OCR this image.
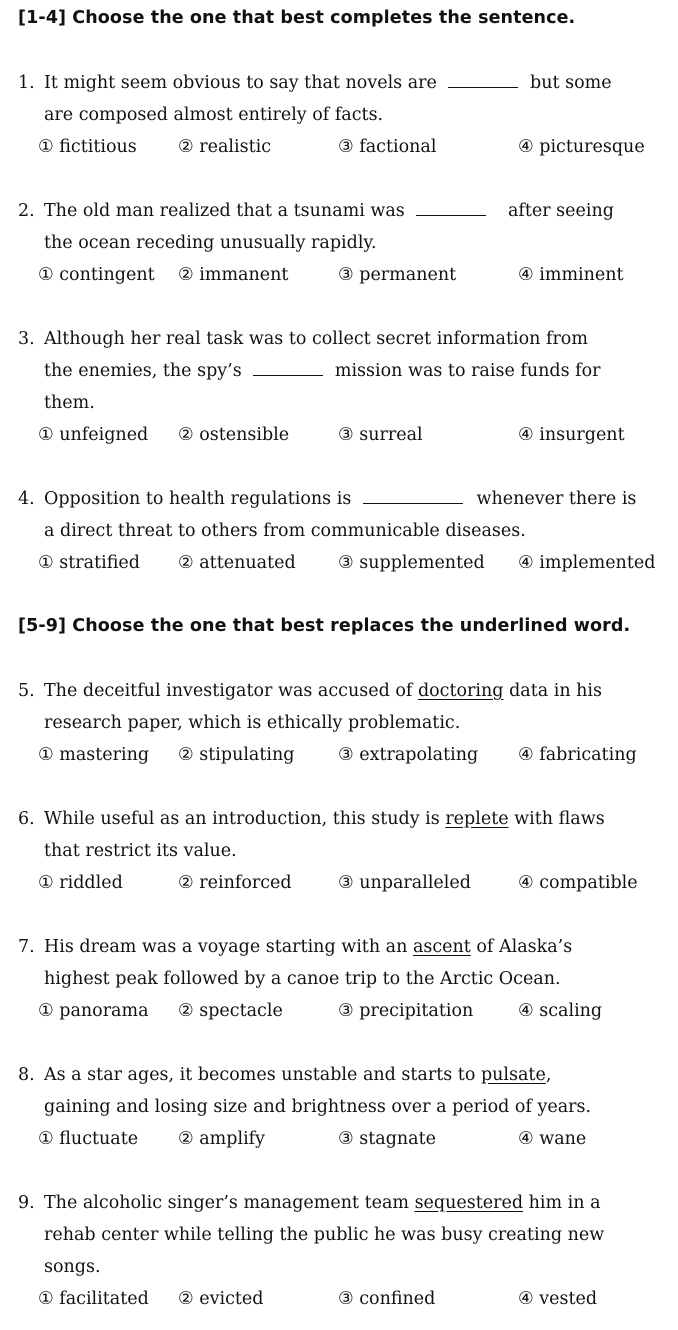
[1-4] Choose the one that best completes the sentence.
1. It might seem obvious to say that novels are	but some
are composed almost entirely of facts.
① fictitious ② realistic	③ factional	④ picturesque
2. The old man realized that a tsunami was	after seeing
the ocean receding unusually rapidly.
① contingent ② immanent	③ permanent	④ imminent
3. Although her real task was to collect secret information from
the enemies, the spy’s	mission was to raise funds for
them.
① unfeigned ② ostensible	③ surreal	④ insurgent
4. Opposition to health regulations is	whenever there is
a direct threat to others from communicable diseases.
① stratified ② attenuated ③ supplemented ④ implemented
[5-9] Choose the one that best replaces the underlined word.
5. The deceitful investigator was accused of doctoring data in his
research paper, which is ethically problematic.
① mastering ② stipulating ③ extrapolating ④ fabricating
6. While useful as an introduction, this study is replete with flaws
that restrict its value.
① riddled	② reinforced	③ unparalleled	④ compatible
7. His dream was a voyage starting with an ascent of Alaska’s
highest peak followed by a canoe trip to the Arctic Ocean.
① panorama ② spectacle	③ precipitation	④ scaling
8. As a star ages, it becomes unstable and starts to pulsate,
gaining and losing size and brightness over a period of years.
① fluctuate ② amplify	③ stagnate	④ wane
9. The alcoholic singer’s management team sequestered him in a
rehab center while telling the public he was busy creating new
songs.
① facilitated ② evicted	③ confined	④ vested
